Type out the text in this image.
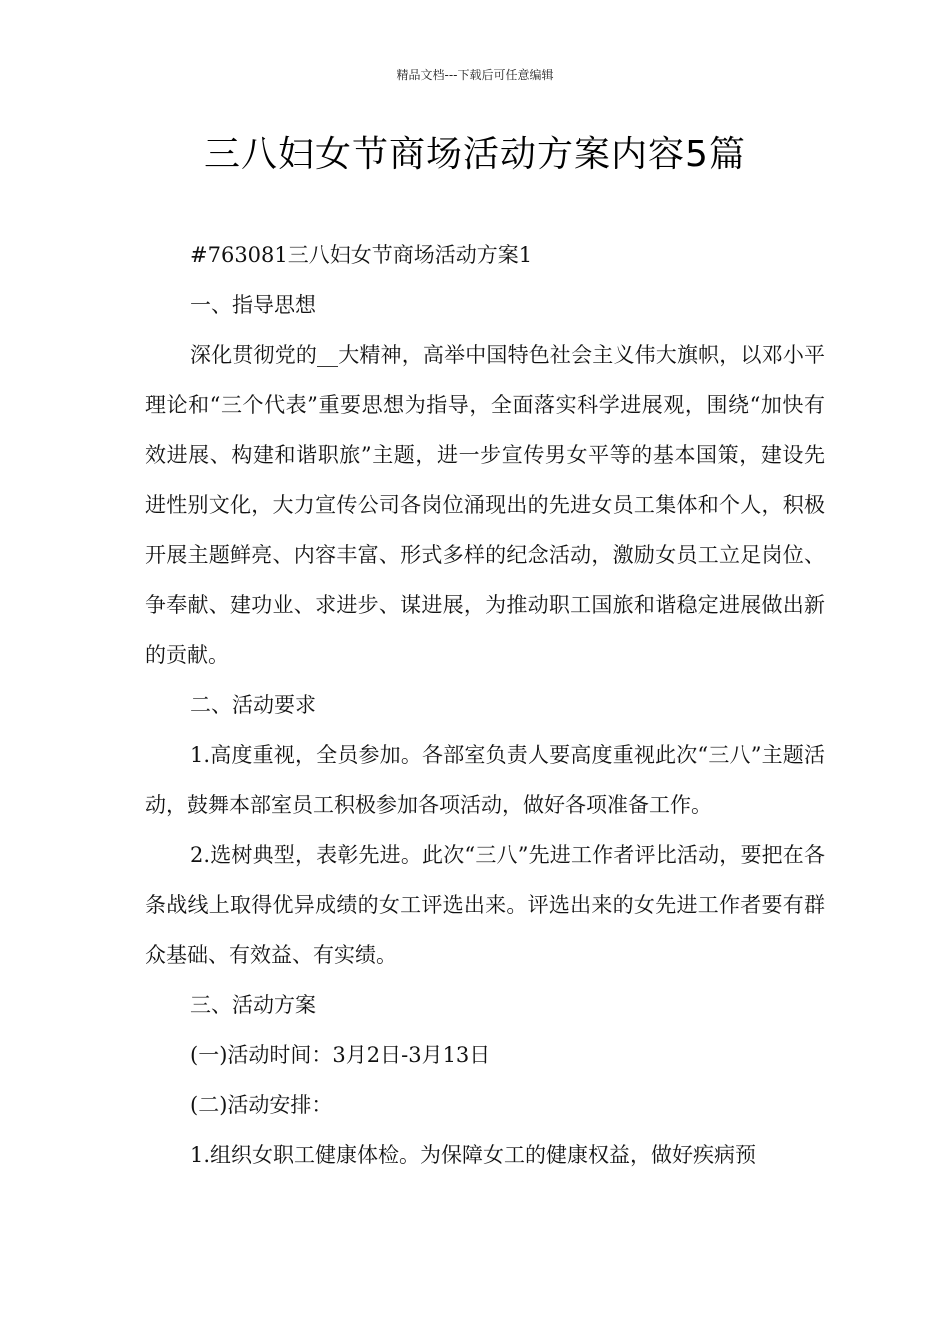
精品文档---下载后可任意编辑
三八妇女节商场活动方案内容5篇

#763081三八妇女节商场活动方案1

一、指导思想

深化贯彻党的__大精神，高举中国特色社会主义伟大旗帜，以邓小平理论和“三个代表”重要思想为指导，全面落实科学进展观，围绕“加快有效进展、构建和谐职旅”主题，进一步宣传男女平等的基本国策，建设先进性别文化，大力宣传公司各岗位涌现出的先进女员工集体和个人，积极开展主题鲜亮、内容丰富、形式多样的纪念活动，激励女员工立足岗位、争奉献、建功业、求进步、谋进展，为推动职工国旅和谐稳定进展做出新的贡献。

二、活动要求

1.高度重视，全员参加。各部室负责人要高度重视此次“三八”主题活动，鼓舞本部室员工积极参加各项活动，做好各项准备工作。

2.选树典型，表彰先进。此次“三八”先进工作者评比活动，要把在各条战线上取得优异成绩的女工评选出来。评选出来的女先进工作者要有群众基础、有效益、有实绩。

三、活动方案

(一)活动时间：3月2日-3月13日

(二)活动安排：

1.组织女职工健康体检。为保障女工的健康权益，做好疾病预
